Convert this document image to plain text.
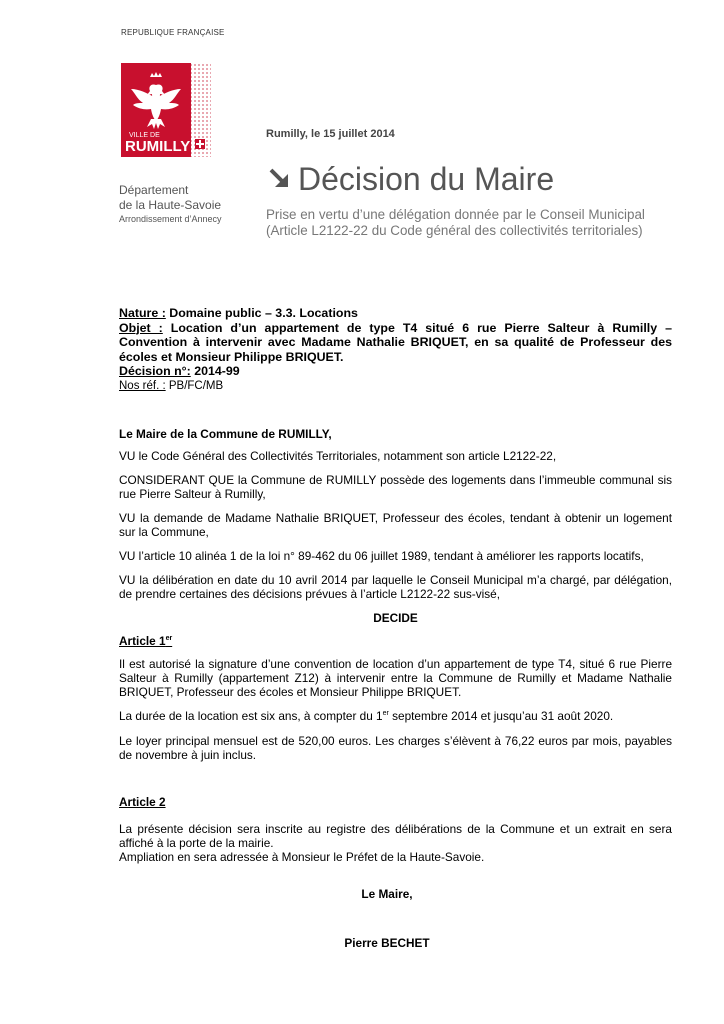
REPUBLIQUE FRANÇAISE
VILLE DE
RUMILLY
Département
de la Haute-Savoie
Arrondissement d’Annecy
Rumilly, le 15 juillet 2014
Décision du Maire
Prise en vertu d’une délégation donnée par le Conseil Municipal (Article L2122-22 du Code général des collectivités territoriales)
Nature : Domaine public – 3.3. Locations
Objet : Location d’un appartement de type T4 situé 6 rue Pierre Salteur à Rumilly – Convention à intervenir avec Madame Nathalie BRIQUET, en sa qualité de Professeur des écoles et Monsieur Philippe BRIQUET.
Décision n°: 2014-99
Nos réf. : PB/FC/MB
Le Maire de la Commune de RUMILLY,
VU le Code Général des Collectivités Territoriales, notamment son article L2122-22,
CONSIDERANT QUE la Commune de RUMILLY possède des logements dans l’immeuble communal sis rue Pierre Salteur à Rumilly,
VU la demande de Madame Nathalie BRIQUET, Professeur des écoles, tendant à obtenir un logement sur la Commune,
VU l’article 10 alinéa 1 de la loi n° 89-462 du 06 juillet 1989, tendant à améliorer les rapports locatifs,
VU la délibération en date du 10 avril 2014 par laquelle le Conseil Municipal m’a chargé, par délégation, de prendre certaines des décisions prévues à l’article L2122-22 sus-visé,
DECIDE
Article 1er
Il est autorisé la signature d’une convention de location d’un appartement de type T4, situé 6 rue Pierre Salteur à Rumilly (appartement Z12) à intervenir entre la Commune de Rumilly et Madame Nathalie BRIQUET, Professeur des écoles et Monsieur Philippe BRIQUET.
La durée de la location est six ans, à compter du 1er septembre 2014 et jusqu’au 31 août 2020.
Le loyer principal mensuel est de 520,00 euros. Les charges s’élèvent à 76,22 euros par mois, payables de novembre à juin inclus.
Article 2
La présente décision sera inscrite au registre des délibérations de la Commune et un extrait en sera affiché à la porte de la mairie.
Ampliation en sera adressée à Monsieur le Préfet de la Haute-Savoie.
Le Maire,
Pierre BECHET
